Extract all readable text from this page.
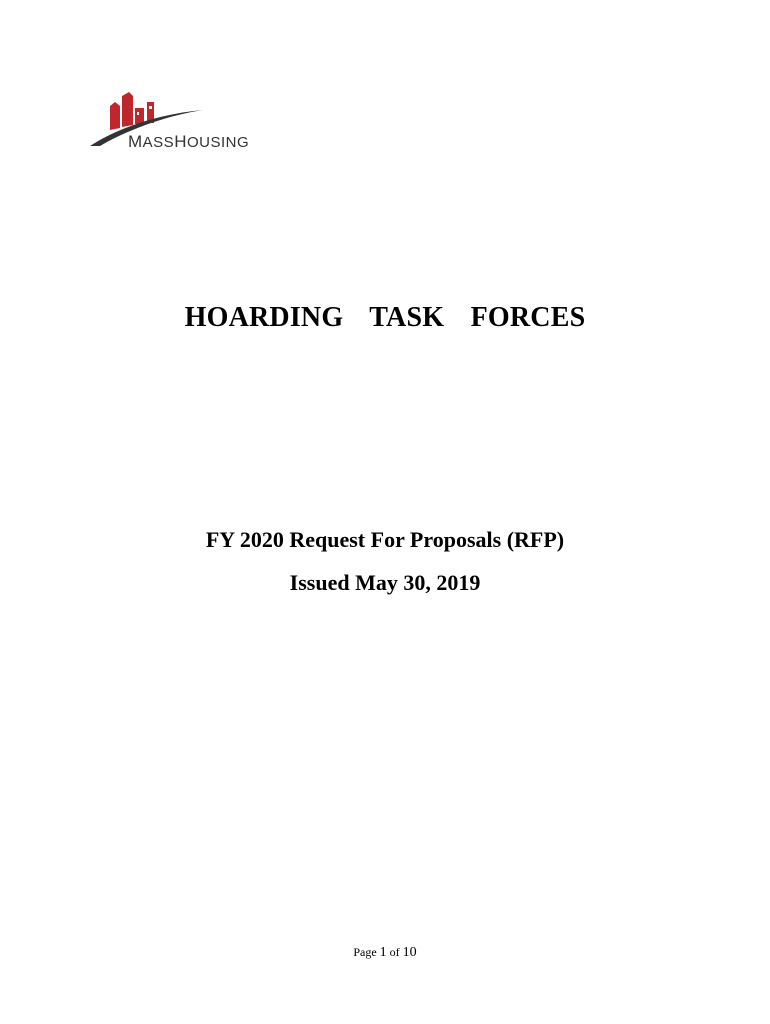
MASSHOUSING
HOARDING  TASK  FORCES
FY 2020 Request For Proposals (RFP)
Issued May 30, 2019
Page 1 of 10
